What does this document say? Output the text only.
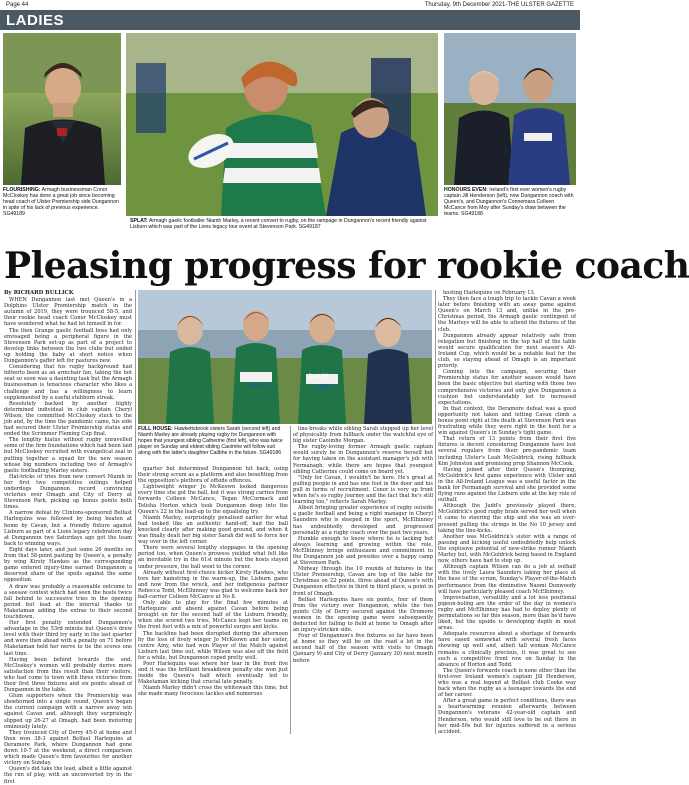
Page 44	Thursday, 9th December 2021-THE ULSTER GAZETTE
LADIES
FLOURISHING: Armagh businessman Conor McCloskey has done a great job since becoming head coach of Ulster Premiership side Dungannon in spite of his lack of previous experience. SG49189
SPLAT: Armagh gaelic footballer Niamh Marley, a recent convert to rugby, on the rampage in Dungannon's recent friendly against Lisburn which was part of the Lions legacy tour event at Stevenson Park. SG49187
HONOURS EVEN: Ireland's first ever women's rugby captain Jill Henderson (left), now Dungannon coach with Queen's, and Dungannon's Connemara Colleen McCance from Moy after Sunday's draw between the teams. SG49188
Pleasing progress for rookie coach
By RICHARD BULLICK

WHEN Dungannon last met Queen's in a Dolphins Ulster Premiership match in the autumn of 2019, they were trounced 58-5, and their rookie head coach Conor McCloskey must have wondered what he had let himself in for.

The then Grange gaelic football boss had only envisaged being a peripheral figure in the Stevenson Park set-up as part of a project to develop links between the two clubs but ended up holding the baby at short notice when Dungannon's gaffer left for pastures new.

Considering that his rugby background had hitherto been as an armchair fan, taking the hot seat so soon was a daunting task but the Armagh businessman is tenacious character who likes a challenge and has a willingness to learn supplemented by a useful stubborn streak.

Resolutely backed by another highly determined individual in club captain Cheryl Wilson, the committed McCloskey stuck to the job and, by the time the pandemic came, his side had secured their Ulster Premiership status and ended the Scrimmer Fleming Cup final.

The lengthy hiatus without rugby unravelled some of the firm foundations which had been laid but McCloskey recruited with evangelical zeal in putting together a squad for the new season whose big numbers including two of Armagh's gaelic footballing Marley sisters.

Hat-tricks of tries from new convert Niamh in her first two competitive outings helped underdogs Dungannon record convincing victories over Omagh and City of Derry at Stevenson Park, picking up bonus points both times.

A narrow defeat by Clintons-sponsored Belfast Harlequins was followed by being beaten at home by Cavan, but a friendly fixture against Lisburn as part of a Lions legacy celebration day at Dungannon two Saturdays ago got the team back to winning ways.

Eight days later, and just some 26 months on from that 58-point pasting by Queen's, a penalty by wing Kirsty Hawkes as the corresponding game entered injury-time earned Dungannon a deserved share of the spoils against the same opposition.

A draw was probably a reasonable outcome to a seesaw contest which had seen the hosts twice fall behind to successive tries in the opening period but lead at the interval thanks to Maketaman adding the extras to their second touchdown.

Her first penalty extended Dungannon's advantage in the 53rd minute but Queen's drew level with their third try early in the last quarter and were then ahead with a penalty on 71 before Maketaman held her nerve to tie the scores one last time.

Having been behind towards the end, McCloskey's women will probably derive more satisfaction from this result than their visitors, who had come to town with three victories from their first three fixtures and six points ahead of Dungannon in the table.

Glum supporters when the Premiership was shoehorned into a single round, Queen's began the current campaign with a narrow away win against Cavan and, although they surprisingly slipped up 26-27 at Omagh, had been motoring ominously lately.

They trounced City of Derry 45-0 at home and then won 38-3 against Belfast Harlequins at Deramore Park, where Dungannon had gone down 10-7 at the weekend, a direct comparison which made Queen's firm favourites for another victory on Sunday.

Queen's did take the lead, albeit a little against the run of play, with an unconverted try in the first

GEDA	GEDA
Jack W
FULL HOUSE: Hawkettsbrook sisters Sarah (second left) and Niamh Marley are already playing rugby for Dungannon with hopes that youngest sibling Catherine (first left), who was twice player on Sunday and eldest sibling Caoimhe will follow suit along with the latter's daughter Cailbhe in the future. SG49186

quarter but determined Dungannon hit back, using their strong scrum as a platform and also benefiting from the opposition's plethora of offside offences.

Lightweight winger Jo McKeown looked dangerous every time she got the ball, but it was strong carries from forwards Colleen McCance, Tegan McCormack and Telisha Horton which took Dungannon deep into the Queen's 22 in the lead-up to the equalising try.

Niamh Marley, surprisingly penalised earlier for what had looked like an authentic hand-off, had the ball knocked clearly after making good ground, and when it was finally dealt her big sister Sarah did well to force her way over in the left corner.

There were several lengthy stoppages in the opening period too, when Queen's prowess yielded what felt like an inevitable try in the 61st minute but the hosts stayed under pressure, the ball went to the corner.

Already without first-choice kicker Kirsty Hawkes, who tore her hamstring in the warm-up, the Lisburn game and now from the wreck, and her indigenous partner Rebecca Todd, McElhinney was glad to welcome back her ball-carrier Colleen McCance at No 8.

Only able to play for the final few minutes at Harlequins and absent against Cavan before being brought on for the second half of the Lisburn friendly, when she scored two tries, McCance kept her teams on the front foot with a mix of powerful surges and kicks.

The backline had been disrupted during the afternoon by the loss of lively winger Jo McKeown and her sister, centre Amy, who had won Player of the Match against Lisburn last time out, while Wilson was also off the field for a while, but Dungannon coped pretty well.

Poor Harlequins was where her tear in the front five and it was the brilliant breakdown penalty she won just inside the Queen's half which eventually led to Maketaman kicking that crucial late penalty.

Niamh Marley didn't cross the whitewash this time, but she made many ferocious tackles and numerous

line-breaks while sibling Sarah stepped up her level of physicality from fullback under the watchful eye of big sister Caoimhe Morgan.

The rugby-loving former Armagh gaelic captain would surely be in Dungannon's reserve herself but for having taken on the assistant manager's job with Fermanagh, while there are hopes that youngest sibling Catherine could come on board yet.

"Only for Cavan, I wouldn't be here. He's great at pulling people in and has one foot in the door and his pull in terms of recruitment. Conor is very up front when he's so rugby journey and the fact that he's still learning too," reflects Sarah Marley.

Albeit bringing greater experience of rugby outside a gaelic football and being a right manager in Cheryl Saunders who is steeped in the sport, McElhinney has undoubtedly developed and progressed personally as a rugby coach over the past two years.

Humble enough to know where he is lacking but always learning and growing within the role, McElhinney brings enthusiasm and commitment to the Dungannon job and presides over a happy camp at Stevenson Park.

Midway through the 10 rounds of fixtures in the Ulster Premiership, Cavan are top of the table for Christmas on 22 points, three ahead of Queen's with Dungannon effective in third in third place, a point in front of Omagh.

Belfast Harlequins have six points, four of them from the victory over Dungannon, while the two points City of Derry secured against the Dromore women in the opening game were subsequently deducted for failing to field at home to Omagh after an injury-stricken side.

Four of Dungannon's five fixtures so far have been at home so they will be on the road a lot in the second half of the season with visits to Omagh (January 9) and City of Derry (January 30) next month before

hosting Harlequins on February 13.

They then face a tough trip to tackle Cavan a week later before finishing with an away game against Queen's on March 13 and, unlike in the pre-Christmas period, the Armagh gaelic contingent of the Marleys will be able to attend the fixtures of the club.

Dungannon already appear relatively safe from relegation but finishing in the top half of the table would secure qualification for next season's All-Ireland Cup, which would be a notable feat for the club, so staying ahead of Omagh is an important priority.

Coming into the campaign, securing their Premiership status for another season would have been the basic objective but starting with those two comprehensive victories and only give Dungannon a cushion but understandably led to increased expectations.

In that context, the Deramore defeat was a good opportunity not taken and letting Cavan climb a bonus point right at the death at Stevenson Park was frustrating while they were right in the hunt for a win against Queen's in Sunday's tight game.

That return of 13 points from their first five fixtures is decent considering Dungannon have lost several regulars from their pre-pandemic team including Ulster's Leah McGoldrick, rising fullback Kim Johnston and promising prop Shannon McCook.

Having joined after their Queen's thumping, McGoldrick's first game experience with Ulster and in the All-Ireland League was a useful factor in the bank for Fermanagh survival and she provided some flying runs against the Lisburn side at the key role of outhalf.

Although the Judd's previously played there, McGoldrick's good rugby brain served her well when it came to steering the ship and she was an ever-present pulling the strings in the No 10 jersey and taking the line-kicks.

Another was McGoldrick's sister with a range of passing and kicking useful undoubtedly help unlock the explosive potential of new-strike runner Niamh Marley but, with McGoldrick being based in England now, others have had to step up.

Although captain Wilson can do a job at outhalf with the lively Laura Saunders taking her place at the base of the scrum, Sunday's Player-of-the-Match performance from the diminutive Naomi Dunwoody will have particularly pleased coach McElhinney.

Improvisation, versatility and a lot less positional pigeon-holing are the order of the day in women's rugby and McElhinney has had to deploy plenty of permutations so far this season, more than he'd have liked, but the upside is developing depth in most areas.

Adequate resources about a shortage of forwards have eased somewhat with several fresh faces showing up well and, albeit tall woman McCance remains a clinically precious, it was great to see such a competitive front row on Sunday in the absence of Horton and Todd.

The Queen's forwards coach is none other than the first-ever Ireland women's captain Jill Henderson, who was a real legend at Belfast club Cooke way back when the rugby as a teenager towards the end of her career.

After a great game in perfect conditions, there was a heartwarming reunion afterwards between Dungannon's veterans 42-year-old captain and Henderson, who would still love to be out there in her mid-50s but for injuries suffered in a serious accident.
